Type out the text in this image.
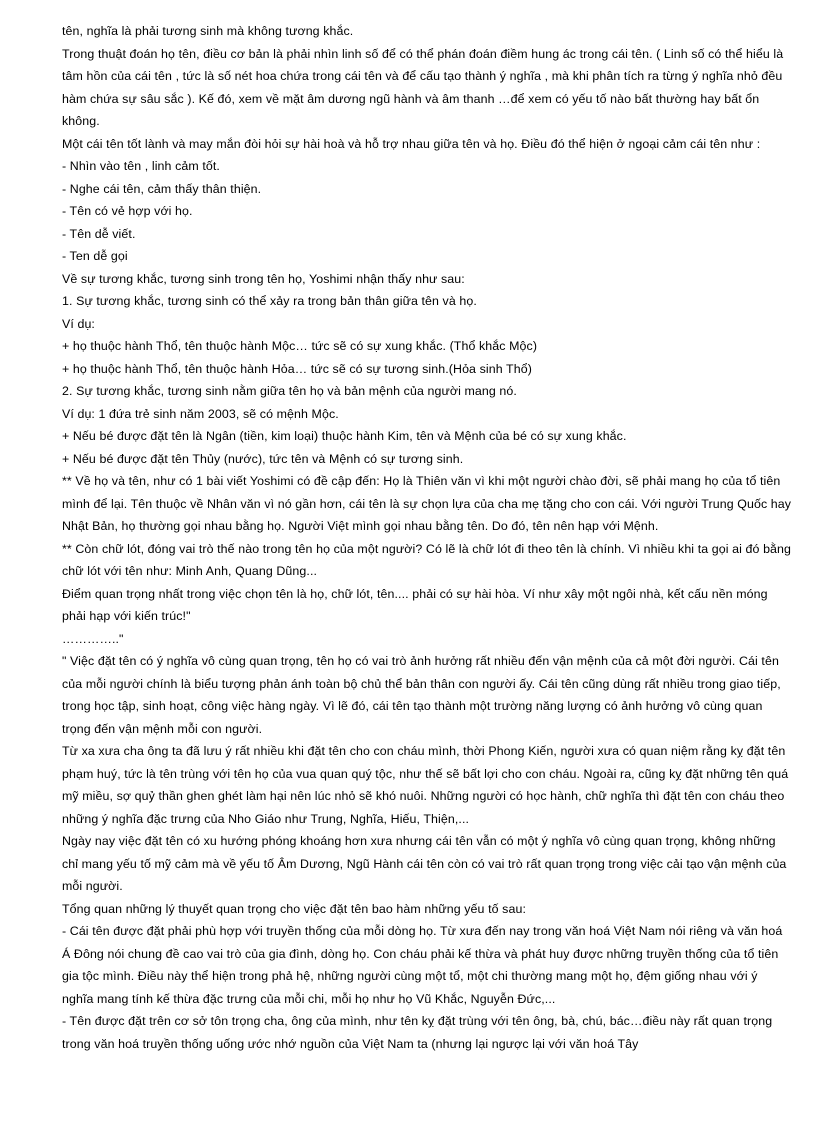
tên, nghĩa là phải tương sinh mà không tương khắc.

Trong thuật đoán họ tên, điều cơ bản là phải nhìn linh số để có thể phán đoán điềm hung ác trong cái tên. ( Linh số có thể hiểu là tâm hồn của cái tên , tức là số nét hoa chứa trong cái tên và để cấu tạo thành ý nghĩa , mà khi phân tích ra từng ý nghĩa nhỏ đều hàm chứa sự sâu sắc ). Kế đó, xem về mặt âm dương ngũ hành và âm thanh …để xem có yếu tố nào bất thường hay bất ổn không.

Một cái tên tốt lành và may mắn đòi hỏi sự hài hoà và hỗ trợ nhau giữa tên và họ. Điều đó thể hiện ở ngoại cảm cái tên như :

- Nhìn vào tên , linh cảm tốt.

- Nghe cái tên, cảm thấy thân thiện.

- Tên có vẻ hợp với họ.

- Tên dễ viết.

- Ten dễ gọi

Về sự tương khắc, tương sinh trong tên họ, Yoshimi nhận thấy như sau:

1. Sự tương khắc, tương sinh có thể xảy ra trong bản thân giữa tên và họ.

Ví dụ:

+ họ thuộc hành Thổ, tên thuộc hành Mộc… tức sẽ có sự xung khắc. (Thổ khắc Mộc)

+ họ thuộc hành Thổ, tên thuộc hành Hỏa… tức sẽ có sự tương sinh.(Hỏa sinh Thổ)

2. Sự tương khắc, tương sinh nằm giữa tên họ và bản mệnh của người mang nó.

Ví dụ: 1 đứa trẻ sinh năm 2003, sẽ có mệnh Mộc.

+ Nếu bé được đặt tên là Ngân (tiền, kim loại) thuộc hành Kim, tên và Mệnh của bé có sự xung khắc.

+ Nếu bé được đặt tên Thủy (nước), tức tên và Mệnh có sự tương sinh.

** Về họ và tên, như có 1 bài viết Yoshimi có đề cập đến: Họ là Thiên văn vì khi một người chào đời, sẽ phải mang họ của tổ tiên mình để lại. Tên thuộc về Nhân văn vì nó gần hơn, cái tên là sự chọn lựa của cha mẹ tặng cho con cái. Với người Trung Quốc hay Nhật Bản, họ thường gọi nhau bằng họ. Người Việt mình gọi nhau bằng tên. Do đó, tên nên hạp với Mệnh.

** Còn chữ lót, đóng vai trò thế nào trong tên họ của một người? Có lẽ là chữ lót đi theo tên là chính. Vì nhiều khi ta gọi ai đó bằng chữ lót với tên như: Minh Anh, Quang Dũng...

Điểm quan trọng nhất trong việc chọn tên là họ, chữ lót, tên.... phải có sự hài hòa. Ví như xây một ngôi nhà, kết cấu nền móng phải hạp với kiến trúc!"

………….."

" Việc đặt tên có ý nghĩa vô cùng quan trọng, tên họ có vai trò ảnh hưởng rất nhiều đến vận mệnh của cả một đời người. Cái tên của mỗi người chính là biểu tượng phản ánh toàn bộ chủ thể bản thân con người ấy. Cái tên cũng dùng rất nhiều trong giao tiếp, trong học tập, sinh hoạt, công việc hàng ngày. Vì lẽ đó, cái tên tạo thành một trường năng lượng có ảnh hưởng vô cùng quan trọng đến vận mệnh mỗi con người.

Từ xa xưa cha ông ta đã lưu ý rất nhiều khi đặt tên cho con cháu mình, thời Phong Kiến, người xưa có quan niệm rằng kỵ đặt tên phạm huý, tức là tên trùng với tên họ của vua quan quý tộc, như thế sẽ bất lợi cho con cháu. Ngoài ra, cũng kỵ đặt những tên quá mỹ miều, sợ quỷ thần ghen ghét làm hại nên lúc nhỏ sẽ khó nuôi. Những người có học hành, chữ nghĩa thì đặt tên con cháu theo những ý nghĩa đặc trưng của Nho Giáo như Trung, Nghĩa, Hiếu, Thiện,...

Ngày nay việc đặt tên có xu hướng phóng khoáng hơn xưa nhưng cái tên vẫn có một ý nghĩa vô cùng quan trọng, không những chỉ mang yếu tố mỹ cảm mà về yếu tố Âm Dương, Ngũ Hành cái tên còn có vai trò rất quan trọng trong việc cải tạo vận mệnh của mỗi người.

Tổng quan những lý thuyết quan trọng cho việc đặt tên bao hàm những yếu tố sau:

- Cái tên được đặt phải phù hợp với truyền thống của mỗi dòng họ. Từ xưa đến nay trong văn hoá Việt Nam nói riêng và văn hoá Á Đông nói chung đề cao vai trò của gia đình, dòng họ. Con cháu phải kế thừa và phát huy được những truyền thống của tổ tiên gia tộc mình. Điều này thể hiện trong phả hệ, những người cùng một tổ, một chi thường mang một họ, đệm giống nhau với ý nghĩa mang tính kế thừa đặc trưng của mỗi chi, mỗi họ như họ Vũ Khắc, Nguyễn Đức,...

- Tên được đặt trên cơ sở tôn trọng cha, ông của mình, như tên kỵ đặt trùng với tên ông, bà, chú, bác…điều này rất quan trọng trong văn hoá truyền thống uống ước nhớ nguồn của Việt Nam ta (nhưng lại ngược lại với văn hoá Tây
